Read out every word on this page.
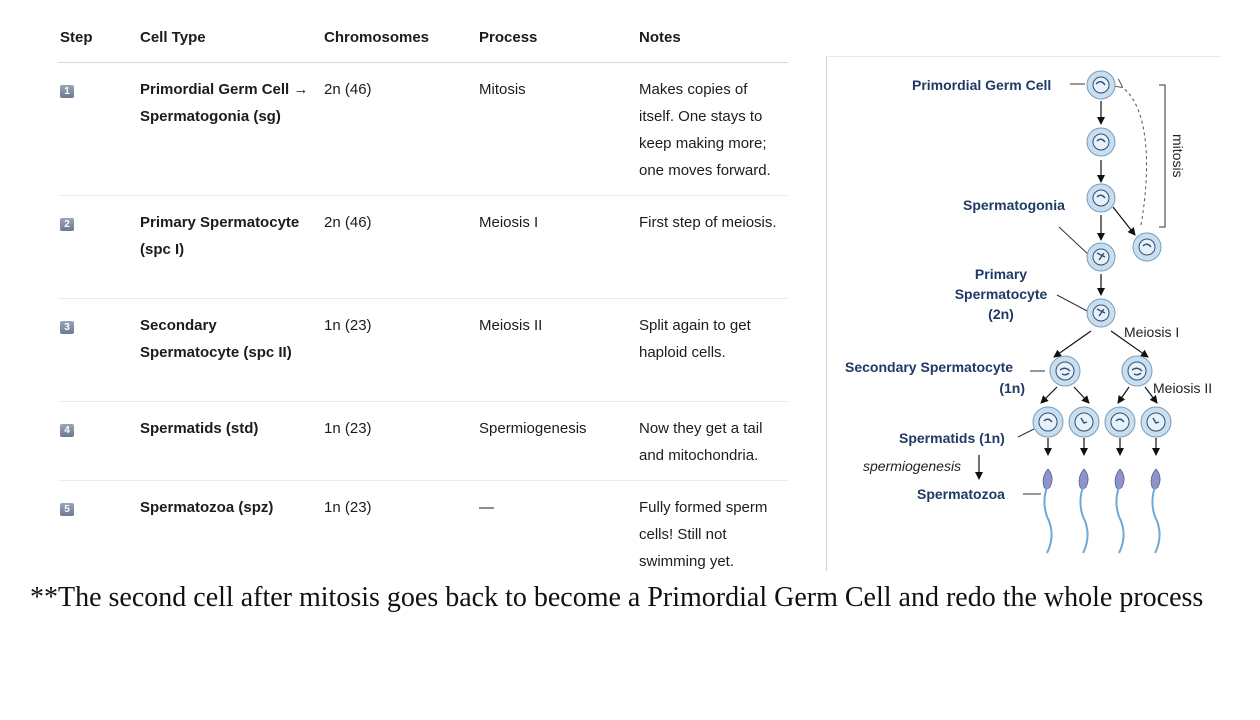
Step	Cell Type	Chromosomes	Process	Notes
1	Primordial Germ Cell → Spermatogonia (sg)	2n (46)	Mitosis	Makes copies of itself. One stays to keep making more; one moves forward.
2	Primary Spermatocyte (spc I)	2n (46)	Meiosis I	First step of meiosis.
3	Secondary Spermatocyte (spc II)	1n (23)	Meiosis II	Split again to get haploid cells.
4	Spermatids (std)	1n (23)	Spermiogenesis	Now they get a tail and mitochondria.
5	Spermatozoa (spz)	1n (23)	—	Fully formed sperm cells! Still not swimming yet.
Primordial Germ Cell
mitosis
Spermatogonia
Primary
Spermatocyte
(2n)
Meiosis I
Secondary Spermatocyte
(1n)	Meiosis II
Spermatids (1n)
spermiogenesis
Spermatozoa

**The second cell after mitosis goes back to become a Primordial Germ Cell and redo the whole process
